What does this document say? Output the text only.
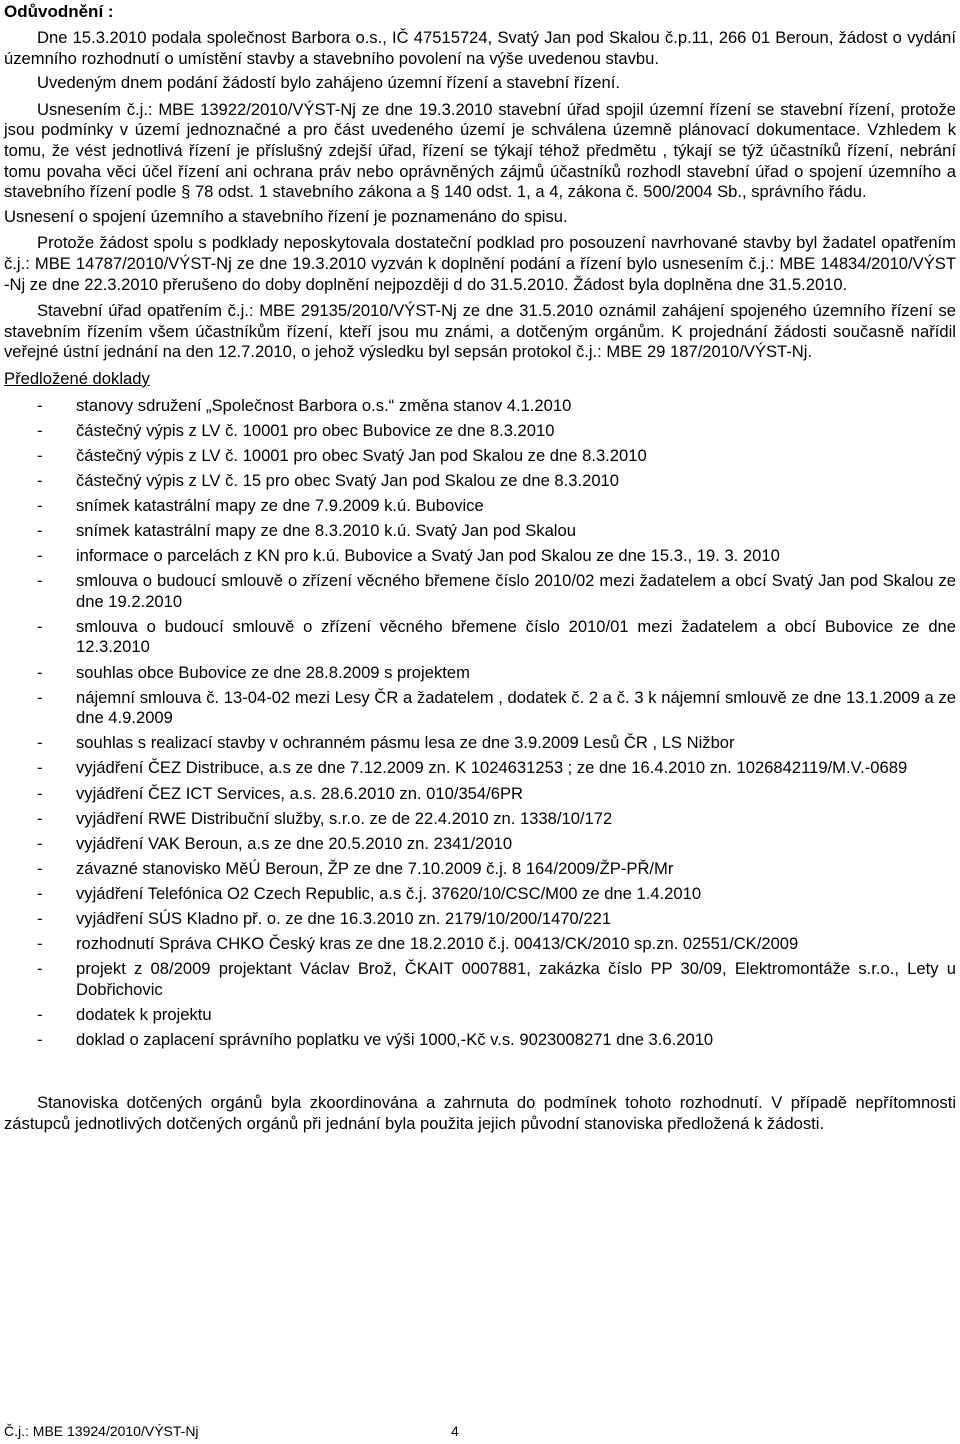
Odůvodnění :

Dne 15.3.2010 podala společnost Barbora o.s., IČ 47515724, Svatý Jan pod Skalou č.p.11, 266 01 Beroun, žádost o vydání územního rozhodnutí o umístění stavby a stavebního povolení na výše uvedenou stavbu.

Uvedeným dnem podání žádostí bylo zahájeno územní řízení a stavební řízení.

Usnesením č.j.: MBE 13922/2010/VÝST-Nj ze dne 19.3.2010 stavební úřad spojil územní řízení se stavební řízení, protože jsou podmínky v území jednoznačné a pro část uvedeného území je schválena územně plánovací dokumentace. Vzhledem k tomu, že vést jednotlivá řízení je příslušný zdejší úřad, řízení se týkají téhož předmětu , týkají se týž účastníků řízení, nebrání tomu povaha věci účel řízení ani ochrana práv nebo oprávněných zájmů účastníků rozhodl stavební úřad o spojení územního a stavebního řízení podle § 78 odst. 1 stavebního zákona a § 140 odst. 1, a 4, zákona č. 500/2004 Sb., správního řádu.

Usnesení o spojení územního a stavebního řízení je poznamenáno do spisu.

Protože žádost spolu s podklady neposkytovala dostateční podklad pro posouzení navrhované stavby byl žadatel opatřením č.j.: MBE 14787/2010/VÝST-Nj ze dne 19.3.2010 vyzván k doplnění podání a řízení bylo usnesením č.j.: MBE 14834/2010/VÝST -Nj ze dne 22.3.2010 přerušeno do doby doplnění nejpozději d do 31.5.2010. Žádost byla doplněna dne 31.5.2010.

Stavební úřad opatřením č.j.: MBE 29135/2010/VÝST-Nj ze dne 31.5.2010 oznámil zahájení spojeného územního řízení se stavebním řízením všem účastníkům řízení, kteří jsou mu známi, a dotčeným orgánům. K projednání žádosti současně nařídil veřejné ústní jednání na den 12.7.2010, o jehož výsledku byl sepsán protokol č.j.: MBE 29 187/2010/VÝST-Nj.

Předložené doklady

- stanovy sdružení „Společnost Barbora o.s.“ změna stanov 4.1.2010
- částečný výpis z LV č. 10001 pro obec Bubovice ze dne 8.3.2010
- částečný výpis z LV č. 10001 pro obec Svatý Jan pod Skalou ze dne 8.3.2010
- částečný výpis z LV č. 15 pro obec Svatý Jan pod Skalou ze dne 8.3.2010
- snímek katastrální mapy ze dne 7.9.2009 k.ú. Bubovice
- snímek katastrální mapy ze dne 8.3.2010 k.ú. Svatý Jan pod Skalou
- informace o parcelách z KN pro k.ú. Bubovice a Svatý Jan pod Skalou ze dne 15.3., 19. 3. 2010
- smlouva o budoucí smlouvě o zřízení věcného břemene číslo 2010/02 mezi žadatelem a obcí Svatý Jan pod Skalou ze dne 19.2.2010
- smlouva o budoucí smlouvě o zřízení věcného břemene číslo 2010/01 mezi žadatelem a obcí Bubovice ze dne 12.3.2010
- souhlas obce Bubovice ze dne 28.8.2009 s projektem
- nájemní smlouva č. 13-04-02 mezi Lesy ČR a žadatelem , dodatek č. 2 a č. 3 k nájemní smlouvě ze dne 13.1.2009 a ze dne 4.9.2009
- souhlas s realizací stavby v ochranném pásmu lesa ze dne 3.9.2009 Lesů ČR , LS Nižbor
- vyjádření ČEZ Distribuce, a.s ze dne 7.12.2009 zn. K 1024631253 ; ze dne 16.4.2010 zn. 1026842119/M.V.-0689
- vyjádření ČEZ ICT Services, a.s. 28.6.2010 zn. 010/354/6PR
- vyjádření RWE Distribuční služby, s.r.o. ze de 22.4.2010 zn. 1338/10/172
- vyjádření VAK Beroun, a.s ze dne 20.5.2010 zn. 2341/2010
- závazné stanovisko MěÚ Beroun, ŽP ze dne 7.10.2009 č.j. 8 164/2009/ŽP-PŘ/Mr
- vyjádření Telefónica O2 Czech Republic, a.s č.j. 37620/10/CSC/M00 ze dne 1.4.2010
- vyjádření SÚS Kladno př. o. ze dne 16.3.2010 zn. 2179/10/200/1470/221
- rozhodnutí Správa CHKO Český kras ze dne 18.2.2010 č.j. 00413/CK/2010 sp.zn. 02551/CK/2009
- projekt z 08/2009 projektant Václav Brož, ČKAIT 0007881, zakázka číslo PP 30/09, Elektromontáže s.r.o., Lety u Dobřichovic
- dodatek k projektu
- doklad o zaplacení správního poplatku ve výši 1000,-Kč v.s. 9023008271 dne 3.6.2010

Stanoviska dotčených orgánů byla zkoordinována a zahrnuta do podmínek tohoto rozhodnutí. V případě nepřítomnosti zástupců jednotlivých dotčených orgánů při jednání byla použita jejich původní stanoviska předložená k žádosti.

Č.j.: MBE 13924/2010/VÝST-Nj	4
